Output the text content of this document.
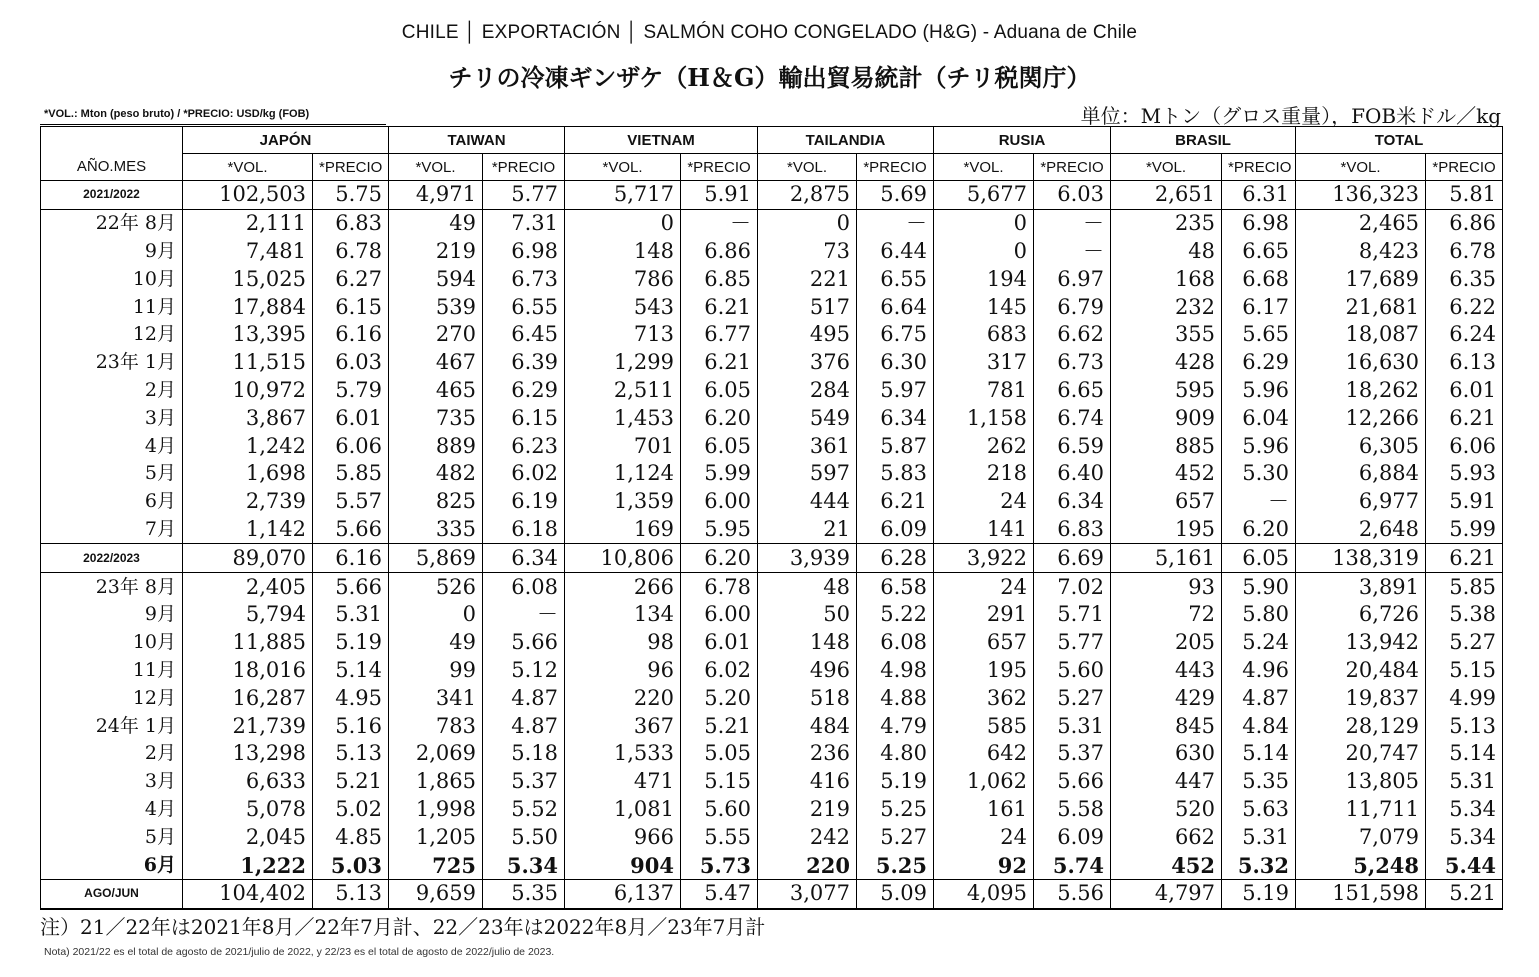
CHILE │ EXPORTACIÓN │ SALMÓN COHO CONGELADO (H&G) - Aduana de Chile
チリの冷凍ギンザケ（H＆G）輸出貿易統計（チリ税関庁）
*VOL.: Mton (peso bruto) / *PRECIO: USD/kg (FOB)	単位：Mトン（グロス重量），FOB米ドル／kg
	JAPÓN		TAIWAN		VIETNAM		TAILANDIA		RUSIA		BRASIL		TOTAL	
AÑO.MES	*VOL.	*PRECIO	*VOL.	*PRECIO	*VOL.	*PRECIO	*VOL.	*PRECIO	*VOL.	*PRECIO	*VOL.	*PRECIO	*VOL.	*PRECIO
2021/2022	102,503	5.75	4,971	5.77	5,717	5.91	2,875	5.69	5,677	6.03	2,651	6.31	136,323	5.81
22年 8月	2,111	6.83	49	7.31	0	－	0	－	0	－	235	6.98	2,465	6.86
9月	7,481	6.78	219	6.98	148	6.86	73	6.44	0	－	48	6.65	8,423	6.78
10月	15,025	6.27	594	6.73	786	6.85	221	6.55	194	6.97	168	6.68	17,689	6.35
11月	17,884	6.15	539	6.55	543	6.21	517	6.64	145	6.79	232	6.17	21,681	6.22
12月	13,395	6.16	270	6.45	713	6.77	495	6.75	683	6.62	355	5.65	18,087	6.24
23年 1月	11,515	6.03	467	6.39	1,299	6.21	376	6.30	317	6.73	428	6.29	16,630	6.13
2月	10,972	5.79	465	6.29	2,511	6.05	284	5.97	781	6.65	595	5.96	18,262	6.01
3月	3,867	6.01	735	6.15	1,453	6.20	549	6.34	1,158	6.74	909	6.04	12,266	6.21
4月	1,242	6.06	889	6.23	701	6.05	361	5.87	262	6.59	885	5.96	6,305	6.06
5月	1,698	5.85	482	6.02	1,124	5.99	597	5.83	218	6.40	452	5.30	6,884	5.93
6月	2,739	5.57	825	6.19	1,359	6.00	444	6.21	24	6.34	657	－	6,977	5.91
7月	1,142	5.66	335	6.18	169	5.95	21	6.09	141	6.83	195	6.20	2,648	5.99
2022/2023	89,070	6.16	5,869	6.34	10,806	6.20	3,939	6.28	3,922	6.69	5,161	6.05	138,319	6.21
23年 8月	2,405	5.66	526	6.08	266	6.78	48	6.58	24	7.02	93	5.90	3,891	5.85
9月	5,794	5.31	0	－	134	6.00	50	5.22	291	5.71	72	5.80	6,726	5.38
10月	11,885	5.19	49	5.66	98	6.01	148	6.08	657	5.77	205	5.24	13,942	5.27
11月	18,016	5.14	99	5.12	96	6.02	496	4.98	195	5.60	443	4.96	20,484	5.15
12月	16,287	4.95	341	4.87	220	5.20	518	4.88	362	5.27	429	4.87	19,837	4.99
24年 1月	21,739	5.16	783	4.87	367	5.21	484	4.79	585	5.31	845	4.84	28,129	5.13
2月	13,298	5.13	2,069	5.18	1,533	5.05	236	4.80	642	5.37	630	5.14	20,747	5.14
3月	6,633	5.21	1,865	5.37	471	5.15	416	5.19	1,062	5.66	447	5.35	13,805	5.31
4月	5,078	5.02	1,998	5.52	1,081	5.60	219	5.25	161	5.58	520	5.63	11,711	5.34
5月	2,045	4.85	1,205	5.50	966	5.55	242	5.27	24	6.09	662	5.31	7,079	5.34
6月	1,222	5.03	725	5.34	904	5.73	220	5.25	92	5.74	452	5.32	5,248	5.44
AGO/JUN	104,402	5.13	9,659	5.35	6,137	5.47	3,077	5.09	4,095	5.56	4,797	5.19	151,598	5.21
注）21／22年は2021年8月／22年7月計、22／23年は2022年8月／23年7月計
Nota) 2021/22 es el total de agosto de 2021/julio de 2022, y 22/23 es el total de agosto de 2022/julio de 2023.
